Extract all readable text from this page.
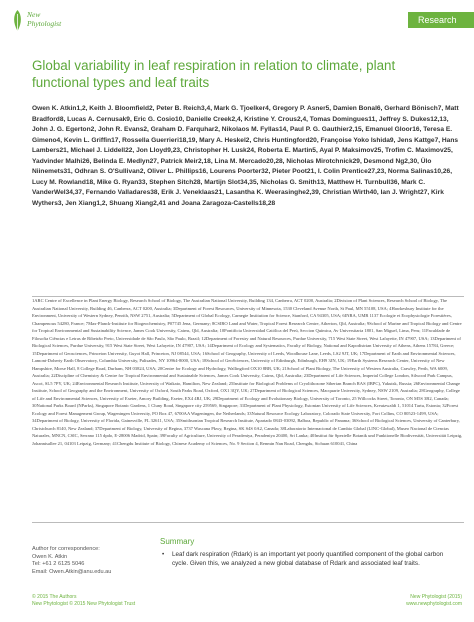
New
Phytologist	Research
Global variability in leaf respiration in relation to climate, plant functional types and leaf traits
Owen K. Atkin1,2, Keith J. Bloomfield2, Peter B. Reich3,4, Mark G. Tjoelker4, Gregory P. Asner5, Damien Bonal6, Gerhard Bönisch7, Matt Bradford8, Lucas A. Cernusak9, Eric G. Cosio10, Danielle Creek2,4, Kristine Y. Crous2,4, Tomas Domingues11, Jeffrey S. Dukes12,13, John J. G. Egerton2, John R. Evans2, Graham D. Farquhar2, Nikolaos M. Fyllas14, Paul P. G. Gauthier2,15, Emanuel Gloor16, Teresa E. Gimeno4, Kevin L. Griffin17, Rossella Guerrieri18,19, Mary A. Heskel2, Chris Huntingford20, Françoise Yoko Ishida9, Jens Kattge7, Hans Lambers21, Michael J. Liddell22, Jon Lloyd9,23, Christopher H. Lusk24, Roberta E. Martin5, Ayal P. Maksimov25, Trofim C. Maximov25, Yadvinder Malhi26, Belinda E. Medlyn27, Patrick Meir2,18, Lina M. Mercado20,28, Nicholas Mirotchnick29, Desmond Ng2,30, Ülo Niinemets31, Odhran S. O'Sullivan2, Oliver L. Phillips16, Lourens Poorter32, Pieter Poot21, I. Colin Prentice27,23, Norma Salinas10,26, Lucy M. Rowland18, Mike G. Ryan33, Stephen Sitch28, Martijn Slot34,35, Nicholas G. Smith13, Matthew H. Turnbull36, Mark C. VanderWel34,37, Fernando Valladares38, Erik J. Veneklaas21, Lasantha K. Weerasinghe2,39, Christian Wirth40, Ian J. Wright27, Kirk Wythers3, Jen Xiang1,2, Shuang Xiang2,41 and Joana Zaragoza-Castells18,28
1ARC Centre of Excellence in Plant Energy Biology, Research School of Biology, The Australian National University, Building 134, Canberra, ACT 0200, Australia; 2Division of Plant Sciences, Research School of Biology, The Australian National University, Building 46, Canberra, ACT 0200, Australia; 3Department of Forest Resources, University of Minnesota, 1530 Cleveland Avenue North, St Paul, MN 55108, USA; 4Hawkesbury Institute for the Environment, University of Western Sydney, Penrith, NSW 2751, Australia; 5Department of Global Ecology, Carnegie Institution for Science, Stanford, CA 94305, USA; 6INRA, UMR 1137 Ecologie et Ecophysiologie Forestières, Champenoux 54280, France; 7Max-Planck-Institute for Biogeochemistry, P07745 Jena, Germany; 8CSIRO Land and Water, Tropical Forest Research Centre, Atherton, Qld, Australia; 9School of Marine and Tropical Biology and Centre for Tropical Environmental and Sustainability Science, James Cook University, Cairns, Qld, Australia; 10Pontificia Universidad Católica del Perú, Seccion Química, Av Universitaria 1801, San Miguel, Lima, Peru; 11Faculdade de Filosofia Ciências e Letras de Ribeirão Preto, Universidade de São Paulo, São Paulo, Brazil; 12Department of Forestry and Natural Resources, Purdue University, 715 West State Street, West Lafayette, IN 47907, USA; 13Department of Biological Sciences, Purdue University, 915 West State Street, West Lafayette, IN 47907, USA; 14Department of Ecology and Systematics, Faculty of Biology, National and Kapodistrian University of Athens, Athens 15784, Greece; 15Department of Geosciences, Princeton University, Guyot Hall, Princeton, NJ 08544, USA; 16School of Geography, University of Leeds, Woodhouse Lane, Leeds, LS2 9JT, UK; 17Department of Earth and Environmental Sciences, Lamont-Doherty Earth Observatory, Columbia University, Palisades, NY 10964-8000, USA; 18School of GeoSciences, University of Edinburgh, Edinburgh, EH9 3JN, UK; 19Earth Systems Research Center, University of New Hampshire, Morse Hall, 8 College Road, Durham, NH 03824, USA; 20Centre for Ecology and Hydrology, Wallingford OX10 8BB, UK; 21School of Plant Biology, The University of Western Australia, Crawley, Perth, WA 6009, Australia; 22Discipline of Chemistry & Centre for Tropical Environmental and Sustainable Sciences, James Cook University, Cairns, Qld, Australia; 23Department of Life Sciences, Imperial College London, Silwood Park Campus, Ascot, SL5 7PY, UK; 24Environmental Research Institute, University of Waikato, Hamilton, New Zealand; 25Institute for Biological Problems of Cryolithozone Siberian Branch RAS (IBPC), Yakutsk, Russia; 26Environmental Change Institute, School of Geography and the Environment, University of Oxford, South Parks Road, Oxford, OX1 3QY, UK; 27Department of Biological Sciences, Macquarie University, Sydney, NSW 2109, Australia; 28Geography, College of Life and Environmental Sciences, University of Exeter, Amory Building, Exeter, EX4 4RJ, UK; 29Department of Ecology and Evolutionary Biology, University of Toronto, 25 Willcocks Street, Toronto, ON M5S 3B2, Canada; 30National Parks Board (NParks), Singapore Botanic Gardens, 1 Cluny Road, Singapore city 259569, Singapore; 31Department of Plant Physiology, Estonian University of Life Sciences, Kreutzwaldi 1, 51014 Tartu, Estonia; 32Forest Ecology and Forest Management Group, Wageningen University, PO Box 47, 6700AA Wageningen, the Netherlands; 33Natural Resource Ecology Laboratory, Colorado State University, Fort Collins, CO 80523-1499, USA; 34Department of Biology, University of Florida, Gainesville, FL 32611, USA; 35Smithsonian Tropical Research Institute, Apartado 0843-03092, Balboa, Republic of Panama; 36School of Biological Sciences, University of Canterbury, Christchurch 8140, New Zealand; 37Department of Biology, University of Regina, 3737 Wascana Pkwy, Regina, SK S4S 0A2, Canada; 38Laboratorio Internacional de Cambio Global (LINC-Global), Museo Nacional de Ciencias Naturales, MNCN, CSIC, Serrano 115 dpdo, E-28006 Madrid, Spain; 39Faculty of Agriculture, University of Peradeniya, Peradeniya 20400, Sri Lanka; 40Institut für Spezielle Botanik und Funktionelle Biodiversität, Universität Leipzig, Johannisallee 21, 04103 Leipzig, Germany; 41Chengdu Institute of Biology, Chinese Academy of Sciences, No. 9 Section 4, Renmin Nan Road, Chengdu, Sichuan 610041, China
Author for correspondence:
Owen K. Atkin
Tel: +61 2 6125 5046
Email: Owen.Atkin@anu.edu.au
Summary
• Leaf dark respiration (Rdark) is an important yet poorly quantified component of the global carbon cycle. Given this, we analyzed a new global database of Rdark and associated leaf traits.
© 2015 The Authors
New Phytologist © 2015 New Phytologist Trust
New Phytologist (2015)
www.newphytologist.com
